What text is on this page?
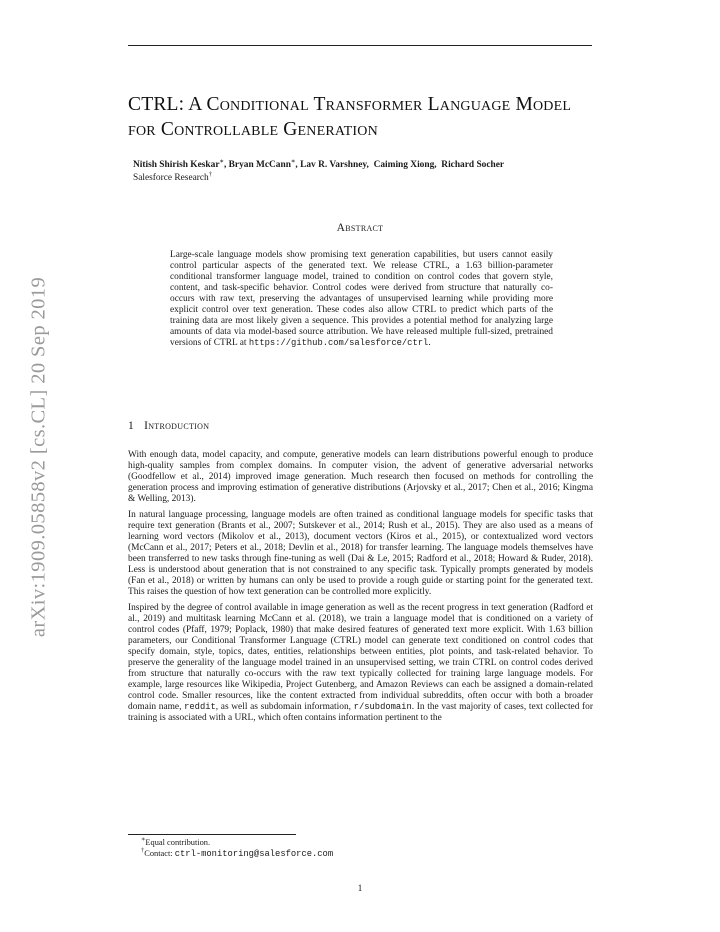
arXiv:1909.05858v2 [cs.CL] 20 Sep 2019
CTRL: A Conditional Transformer Language Model for Controllable Generation
Nitish Shirish Keskar∗, Bryan McCann∗, Lav R. Varshney,  Caiming Xiong,  Richard Socher
Salesforce Research†
Abstract
Large-scale language models show promising text generation capabilities, but users cannot easily control particular aspects of the generated text. We release CTRL, a 1.63 billion-parameter conditional transformer language model, trained to condition on control codes that govern style, content, and task-specific behavior. Control codes were derived from structure that naturally co-occurs with raw text, preserving the advantages of unsupervised learning while providing more explicit control over text generation. These codes also allow CTRL to predict which parts of the training data are most likely given a sequence. This provides a potential method for analyzing large amounts of data via model-based source attribution. We have released multiple full-sized, pretrained versions of CTRL at https://github.com/salesforce/ctrl.
1 Introduction

With enough data, model capacity, and compute, generative models can learn distributions powerful enough to produce high-quality samples from complex domains. In computer vision, the advent of generative adversarial networks (Goodfellow et al., 2014) improved image generation. Much research then focused on methods for controlling the generation process and improving estimation of generative distributions (Arjovsky et al., 2017; Chen et al., 2016; Kingma & Welling, 2013).

In natural language processing, language models are often trained as conditional language models for specific tasks that require text generation (Brants et al., 2007; Sutskever et al., 2014; Rush et al., 2015). They are also used as a means of learning word vectors (Mikolov et al., 2013), document vectors (Kiros et al., 2015), or contextualized word vectors (McCann et al., 2017; Peters et al., 2018; Devlin et al., 2018) for transfer learning. The language models themselves have been transferred to new tasks through fine-tuning as well (Dai & Le, 2015; Radford et al., 2018; Howard & Ruder, 2018). Less is understood about generation that is not constrained to any specific task. Typically prompts generated by models (Fan et al., 2018) or written by humans can only be used to provide a rough guide or starting point for the generated text. This raises the question of how text generation can be controlled more explicitly.

Inspired by the degree of control available in image generation as well as the recent progress in text generation (Radford et al., 2019) and multitask learning McCann et al. (2018), we train a language model that is conditioned on a variety of control codes (Pfaff, 1979; Poplack, 1980) that make desired features of generated text more explicit. With 1.63 billion parameters, our Conditional Transformer Language (CTRL) model can generate text conditioned on control codes that specify domain, style, topics, dates, entities, relationships between entities, plot points, and task-related behavior. To preserve the generality of the language model trained in an unsupervised setting, we train CTRL on control codes derived from structure that naturally co-occurs with the raw text typically collected for training large language models. For example, large resources like Wikipedia, Project Gutenberg, and Amazon Reviews can each be assigned a domain-related control code. Smaller resources, like the content extracted from individual subreddits, often occur with both a broader domain name, reddit, as well as subdomain information, r/subdomain. In the vast majority of cases, text collected for training is associated with a URL, which often contains information pertinent to the

∗Equal contribution.
†Contact: ctrl-monitoring@salesforce.com
1
